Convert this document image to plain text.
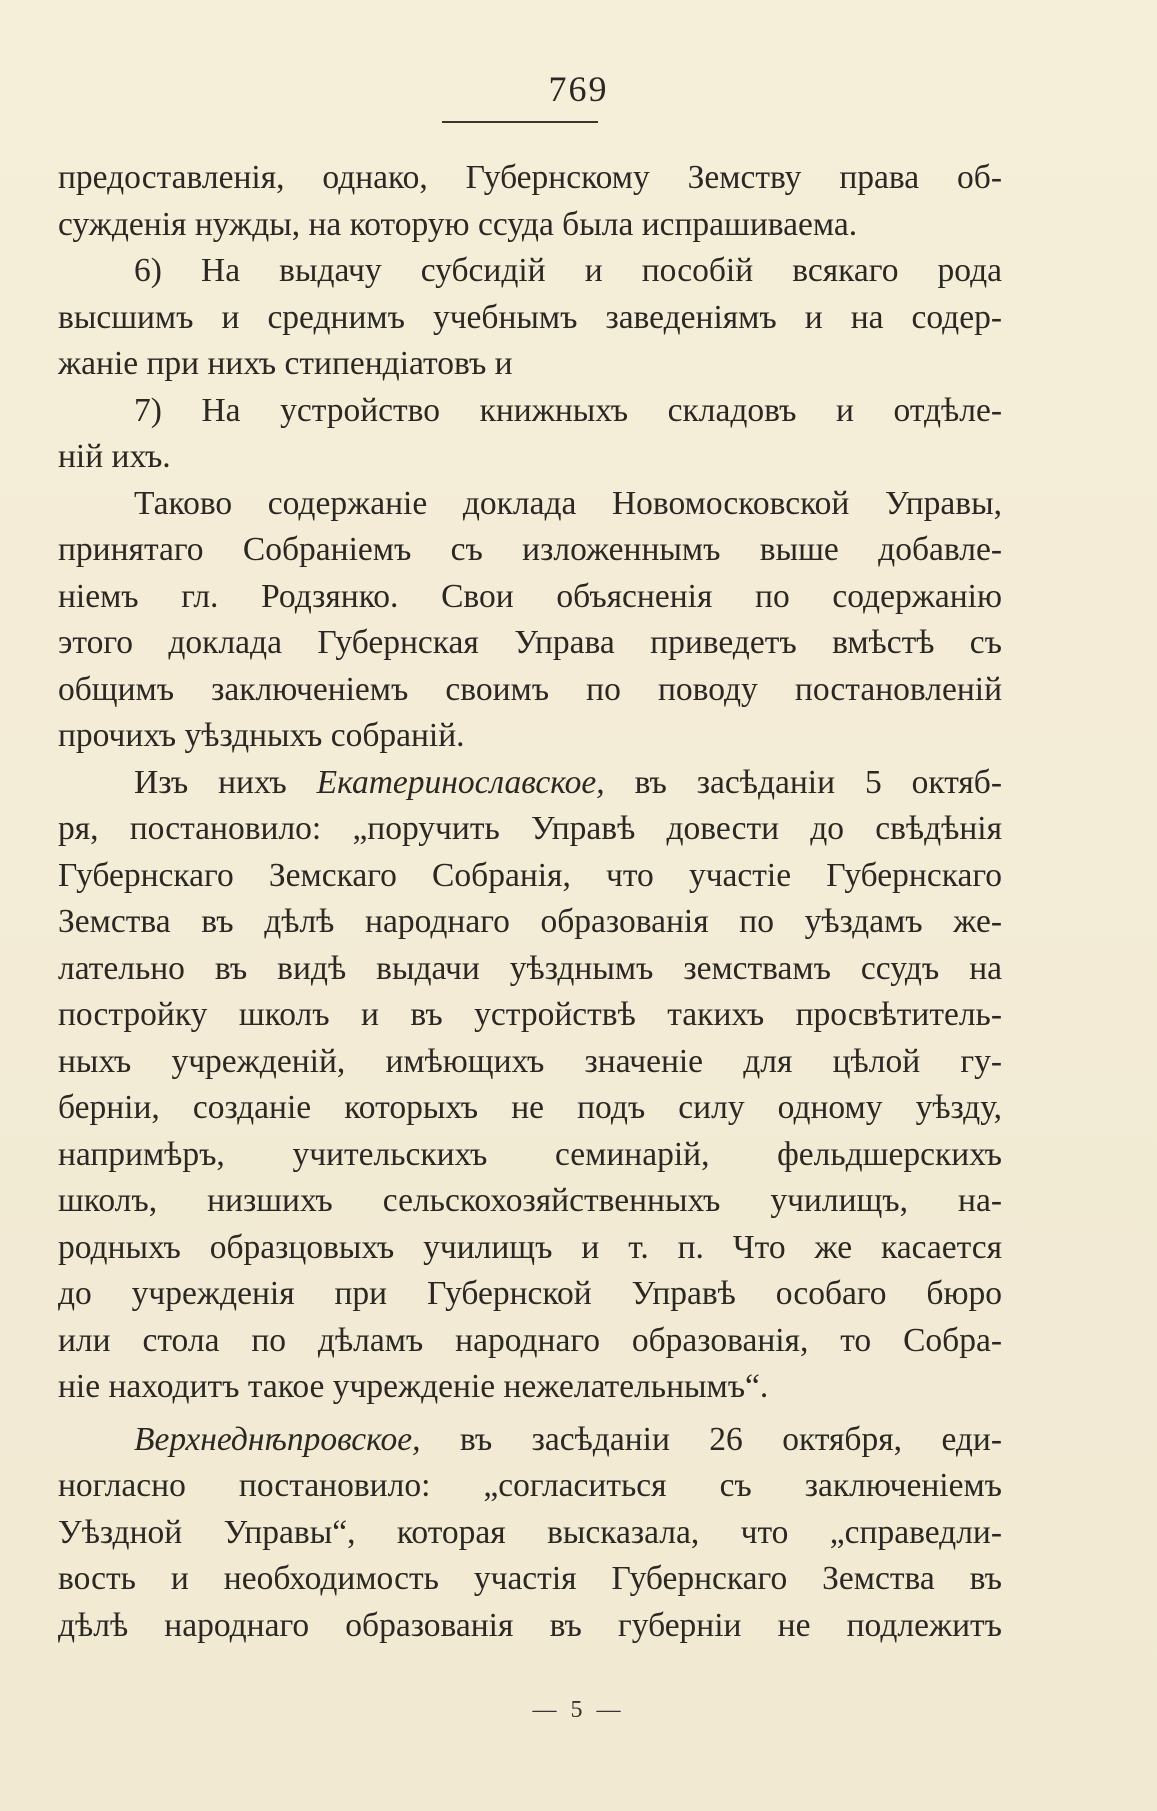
769
предоставленія, однако, Губернскому Земству права об-
сужденія нужды, на которую ссуда была испрашиваема.
6) На выдачу субсидій и пособій всякаго рода
высшимъ и среднимъ учебнымъ заведеніямъ и на содер-
жаніе при нихъ стипендіатовъ и
7) На устройство книжныхъ складовъ и отдѣле-
ній ихъ.
Таково содержаніе доклада Новомосковской Управы,
принятаго Собраніемъ съ изложеннымъ выше добавле-
ніемъ гл. Родзянко. Свои объясненія по содержанію
этого доклада Губернская Управа приведетъ вмѣстѣ съ
общимъ заключеніемъ своимъ по поводу постановленій
прочихъ уѣздныхъ собраній.
Изъ нихъ Екатеринославское, въ засѣданіи 5 октяб-
ря, постановило: „поручить Управѣ довести до свѣдѣнія
Губернскаго Земскаго Собранія, что участіе Губернскаго
Земства въ дѣлѣ народнаго образованія по уѣздамъ же-
лательно въ видѣ выдачи уѣзднымъ земствамъ ссудъ на
постройку школъ и въ устройствѣ такихъ просвѣтитель-
ныхъ учрежденій, имѣющихъ значеніе для цѣлой гу-
берніи, созданіе которыхъ не подъ силу одному уѣзду,
напримѣръ, учительскихъ семинарій, фельдшерскихъ
школъ, низшихъ сельскохозяйственныхъ училищъ, на-
родныхъ образцовыхъ училищъ и т. п. Что же касается
до учрежденія при Губернской Управѣ особаго бюро
или стола по дѣламъ народнаго образованія, то Собра-
ніе находитъ такое учрежденіе нежелательнымъ“.
Верхнеднѣпровское, въ засѣданіи 26 октября, еди-
ногласно постановило: „согласиться съ заключеніемъ
Уѣздной Управы“, которая высказала, что „справедли-
вость и необходимость участія Губернскаго Земства въ
дѣлѣ народнаго образованія въ губерніи не подлежитъ
— 5 —
